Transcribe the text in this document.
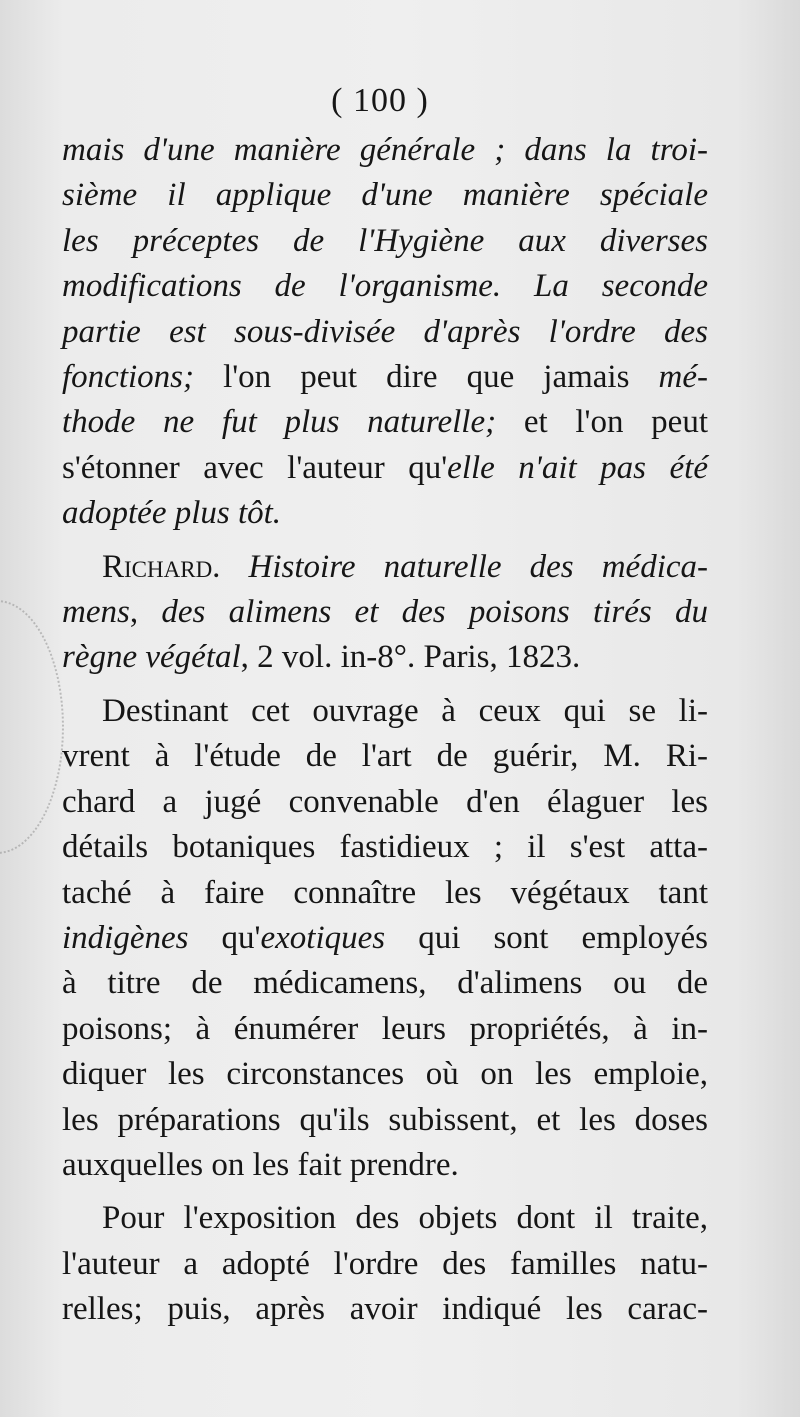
( 100 )
mais d'une manière générale ; dans la troi-
sième il applique d'une manière spéciale
les préceptes de l'Hygiène aux diverses
modifications de l'organisme. La seconde
partie est sous-divisée d'après l'ordre des
fonctions; l'on peut dire que jamais mé-
thode ne fut plus naturelle; et l'on peut
s'étonner avec l'auteur qu'elle n'ait pas été
adoptée plus tôt.
Richard. Histoire naturelle des médica-
mens, des alimens et des poisons tirés du
règne végétal, 2 vol. in-8°. Paris, 1823.
Destinant cet ouvrage à ceux qui se li-
vrent à l'étude de l'art de guérir, M. Ri-
chard a jugé convenable d'en élaguer les
détails botaniques fastidieux ; il s'est atta-
taché à faire connaître les végétaux tant
indigènes qu'exotiques qui sont employés
à titre de médicamens, d'alimens ou de
poisons; à énumérer leurs propriétés, à in-
diquer les circonstances où on les emploie,
les préparations qu'ils subissent, et les doses
auxquelles on les fait prendre.
Pour l'exposition des objets dont il traite,
l'auteur a adopté l'ordre des familles natu-
relles; puis, après avoir indiqué les carac-
